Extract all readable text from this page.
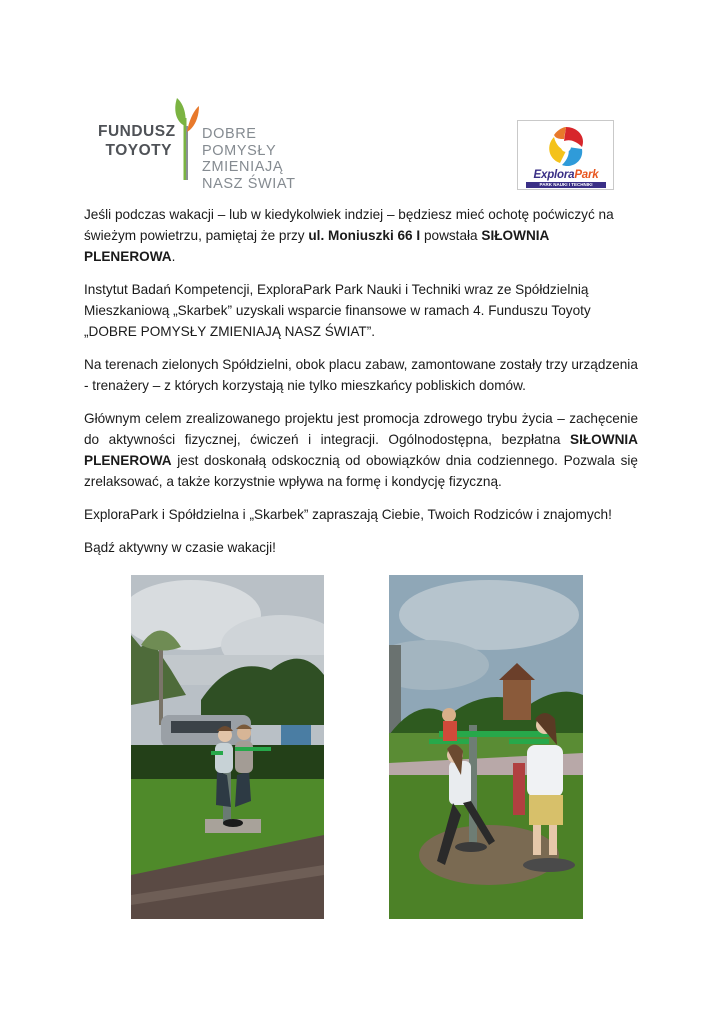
FUNDUSZ
TOYOTY
DOBRE POMYSŁY
ZMIENIAJĄ
NASZ ŚWIAT
ExploraPark
PARK NAUKI I TECHNIKI

Jeśli podczas wakacji – lub w kiedykolwiek indziej – będziesz mieć ochotę poćwiczyć na świeżym powietrzu, pamiętaj że przy ul. Moniuszki 66 I powstała SIŁOWNIA PLENEROWA.

Instytut Badań Kompetencji, ExploraPark Park Nauki i Techniki wraz ze Spółdzielnią Mieszkaniową „Skarbek” uzyskali wsparcie finansowe w ramach 4. Funduszu Toyoty „DOBRE POMYSŁY ZMIENIAJĄ NASZ ŚWIAT”.

Na terenach zielonych Spółdzielni, obok placu zabaw, zamontowane zostały trzy urządzenia - trenażery – z których korzystają nie tylko mieszkańcy pobliskich domów.

Głównym celem zrealizowanego projektu jest promocja zdrowego trybu życia – zachęcenie do aktywności fizycznej, ćwiczeń i integracji. Ogólnodostępna, bezpłatna SIŁOWNIA PLENEROWA jest doskonałą odskocznią od obowiązków dnia codziennego. Pozwala się zrelaksować, a także korzystnie wpływa na formę i kondycję fizyczną.

ExploraPark i Spółdzielna i „Skarbek” zapraszają Ciebie, Twoich Rodziców i znajomych!

Bądź aktywny w czasie wakacji!
